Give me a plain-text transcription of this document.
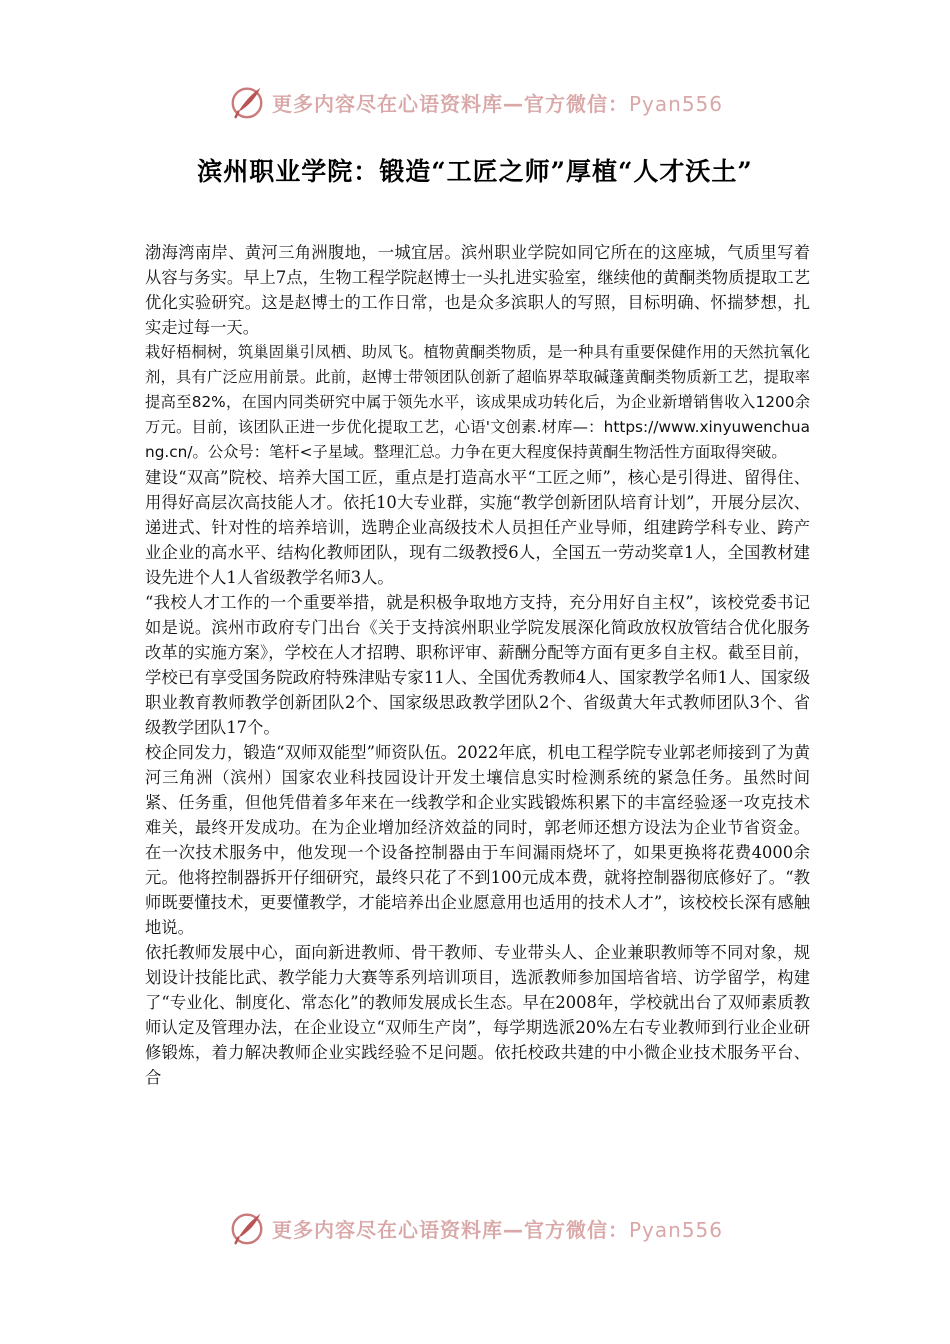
更多内容尽在心语资料库—官方微信：Pyan556
滨州职业学院：锻造“工匠之师”厚植“人才沃土”

渤海湾南岸、黄河三角洲腹地，一城宜居。滨州职业学院如同它所在的这座城，气质里写着从容与务实。早上7点，生物工程学院赵博士一头扎进实验室，继续他的黄酮类物质提取工艺优化实验研究。这是赵博士的工作日常，也是众多滨职人的写照，目标明确、怀揣梦想，扎实走过每一天。

栽好梧桐树，筑巢固巢引凤栖、助凤飞。植物黄酮类物质，是一种具有重要保健作用的天然抗氧化剂，具有广泛应用前景。此前，赵博士带领团队创新了超临界萃取碱蓬黄酮类物质新工艺，提取率提高至82%，在国内同类研究中属于领先水平，该成果成功转化后，为企业新增销售收入1200余万元。目前，该团队正进一步优化提取工艺，心语'文创素.材库—：https://www.xinyuwenchuang.cn/。公众号：笔杆<子星域。整理汇总。力争在更大程度保持黄酮生物活性方面取得突破。

建设“双高”院校、培养大国工匠，重点是打造高水平“工匠之师”，核心是引得进、留得住、用得好高层次高技能人才。依托10大专业群，实施“教学创新团队培育计划”，开展分层次、递进式、针对性的培养培训，选聘企业高级技术人员担任产业导师，组建跨学科专业、跨产业企业的高水平、结构化教师团队，现有二级教授6人，全国五一劳动奖章1人，全国教材建设先进个人1人省级教学名师3人。

“我校人才工作的一个重要举措，就是积极争取地方支持，充分用好自主权”，该校党委书记如是说。滨州市政府专门出台《关于支持滨州职业学院发展深化简政放权放管结合优化服务改革的实施方案》，学校在人才招聘、职称评审、薪酬分配等方面有更多自主权。截至目前，学校已有享受国务院政府特殊津贴专家11人、全国优秀教师4人、国家教学名师1人、国家级职业教育教师教学创新团队2个、国家级思政教学团队2个、省级黄大年式教师团队3个、省级教学团队17个。

校企同发力，锻造“双师双能型”师资队伍。2022年底，机电工程学院专业郭老师接到了为黄河三角洲（滨州）国家农业科技园设计开发土壤信息实时检测系统的紧急任务。虽然时间紧、任务重，但他凭借着多年来在一线教学和企业实践锻炼积累下的丰富经验逐一攻克技术难关，最终开发成功。在为企业增加经济效益的同时，郭老师还想方设法为企业节省资金。在一次技术服务中，他发现一个设备控制器由于车间漏雨烧坏了，如果更换将花费4000余元。他将控制器拆开仔细研究，最终只花了不到100元成本费，就将控制器彻底修好了。“教师既要懂技术，更要懂教学，才能培养出企业愿意用也适用的技术人才”，该校校长深有感触地说。

依托教师发展中心，面向新进教师、骨干教师、专业带头人、企业兼职教师等不同对象，规划设计技能比武、教学能力大赛等系列培训项目，选派教师参加国培省培、访学留学，构建了“专业化、制度化、常态化”的教师发展成长生态。早在2008年，学校就出台了双师素质教师认定及管理办法，在企业设立“双师生产岗”，每学期选派20%左右专业教师到行业企业研修锻炼，着力解决教师企业实践经验不足问题。依托校政共建的中小微企业技术服务平台、合

更多内容尽在心语资料库—官方微信：Pyan556
